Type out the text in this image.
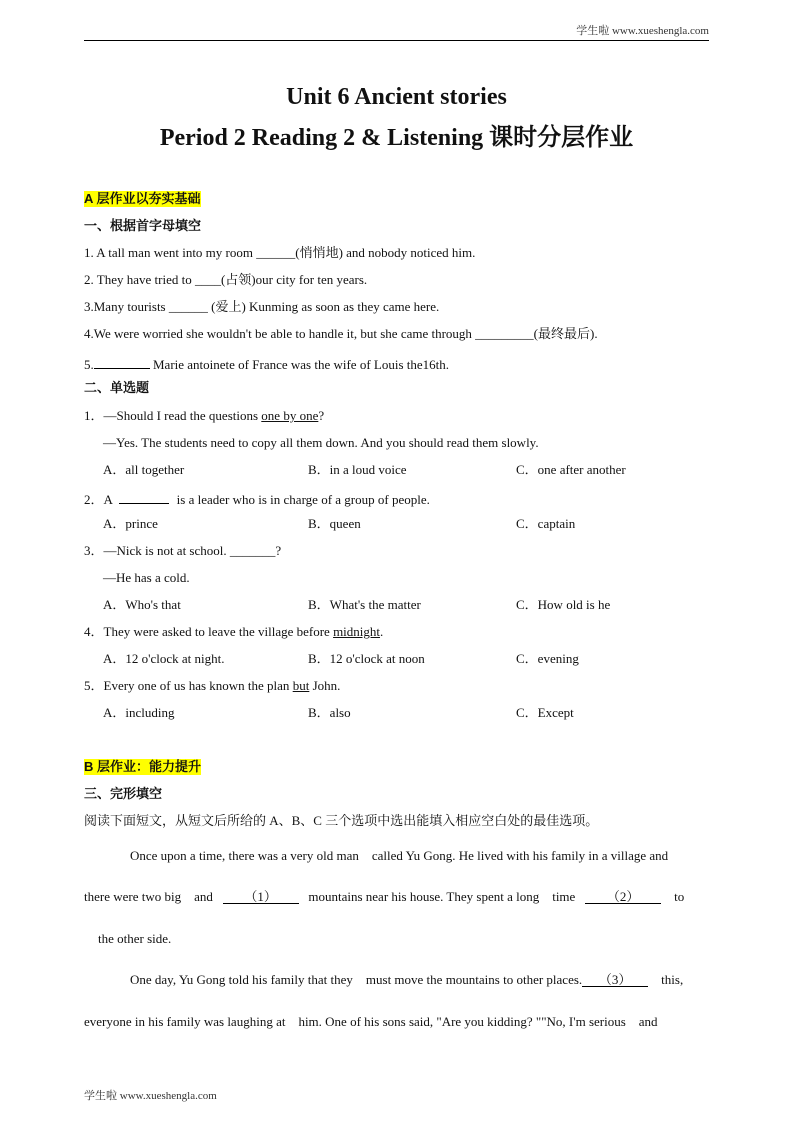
学生啦 www.xueshengla.com
Unit 6 Ancient stories
Period 2 Reading 2 & Listening 课时分层作业
A 层作业以夯实基础
一、根据首字母填空
1. A tall man went into my room ______(悄悄地) and nobody noticed him.
2. They have tried to ____(占领)our city for ten years.
3.Many tourists ______ (爱上) Kunming as soon as they came here.
4.We were worried she wouldn't be able to handle it, but she came through _________(最终最后).
5.	Marie antoinete of France was the wife of Louis the16th.
二、单选题
1．—Should I read the questions one by one?
—Yes. The students need to copy all them down. And you should read them slowly.
A．all together	B．in a loud voice	C．one after another
2．A	is a leader who is in charge of a group of people.
A．prince	B．queen	C．captain
3．—Nick is not at school. _______?
—He has a cold.
A．Who's that	B．What's the matter	C．How old is he
4．They were asked to leave the village before midnight.
A．12 o'clock at night.	B．12 o'clock at noon	C．evening
5．Every one of us has known the plan but John.
A．including	B．also	C．Except
B 层作业：能力提升
三、完形填空
阅读下面短文，从短文后所给的 A、B、C 三个选项中选出能填入相应空白处的最佳选项。
Once upon a time, there was a very old man    called Yu Gong. He lived with his family in a village and
there were two big    and （1） mountains near his house. They spent a long    time （2）	to
the other side.
One day, Yu Gong told his family that they    must move the mountains to other places. （3） this,
everyone in his family was laughing at    him. One of his sons said, "Are you kidding? ""No, I'm serious    and
学生啦 www.xueshengla.com
